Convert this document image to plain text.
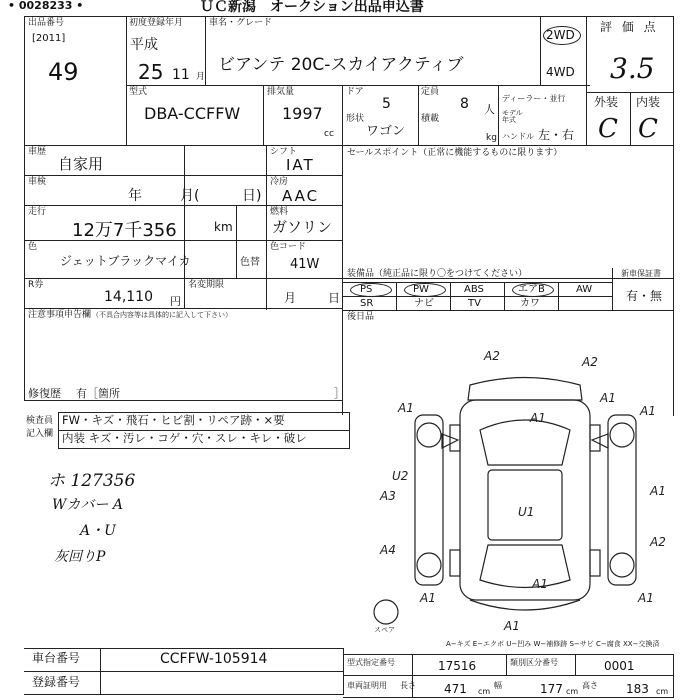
• 0028233 •	ＵＣ新潟　オークション出品申込書
出品番号
[2011]
49
初度登録年月
平成
25 11 月
車名・グレード
ビアンテ 20C-スカイアクティブ
2WD
4WD
評 価 点
3.5
型式
DBA-CCFFW
排気量
1997
cc
ドア
5
定員
8 人
ディーラー・並行
モデル
年式
形状
ワゴン
積載
kg ハンドル 左・右
外装 内装
C C
車歴
自家用
シフト
IAT
車検
年	月(	日)
冷房
AAC
走行
12万7千356	km
燃料
ガソリン
色
ジェットブラックマイカ	色替
色コード
41W
R券
14,110 円
名変期限
月	日
注意事項申告欄 （不具合内容等は具体的に記入して下さい）
修復歴 有［箇所	］
セールスポイント（正常に機能するものに限ります）
装備品（純正品に限り〇をつけてください）	新車保証書
有・無
PS	PW	ABS	エアB	AW
SR	ナビ	TV	カワ
後日品
検査員
記入欄
FW・キズ・飛石・ヒビ割・リペア跡・×要
内装 キズ・汚レ・コゲ・穴・スレ・キレ・破レ
ホ 127356
Wカバー A
A・U
灰回りP
A2	A2
A1
A1
A1
A1
U2
A3
U1
A1
A4
A2
A1
A1
A1
A1
スペア
A−キズ E−エクボ U−凹み W−補修跡 S−サビ C−腐食 XX−交換済
車台番号	CCFFW-105914
登録番号
型式指定番号	17516	類別区分番号	0001
車両証明用 長さ 471 cm
幅	177 cm
高さ 183 cm
